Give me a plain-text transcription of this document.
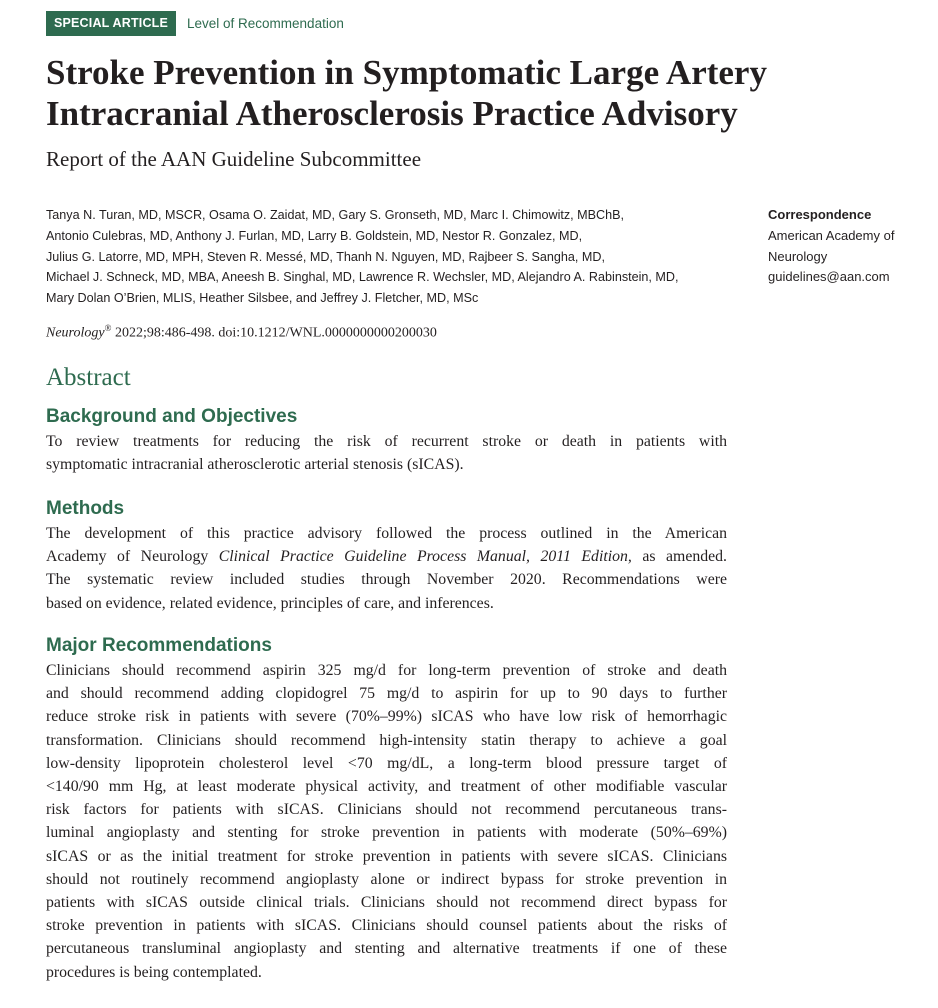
SPECIAL ARTICLE	Level of Recommendation
Stroke Prevention in Symptomatic Large Artery
Intracranial Atherosclerosis Practice Advisory
Report of the AAN Guideline Subcommittee
Tanya N. Turan, MD, MSCR, Osama O. Zaidat, MD, Gary S. Gronseth, MD, Marc I. Chimowitz, MBChB,
Antonio Culebras, MD, Anthony J. Furlan, MD, Larry B. Goldstein, MD, Nestor R. Gonzalez, MD,
Julius G. Latorre, MD, MPH, Steven R. Messé, MD, Thanh N. Nguyen, MD, Rajbeer S. Sangha, MD,
Michael J. Schneck, MD, MBA, Aneesh B. Singhal, MD, Lawrence R. Wechsler, MD, Alejandro A. Rabinstein, MD,
Mary Dolan O’Brien, MLIS, Heather Silsbee, and Jeffrey J. Fletcher, MD, MSc
Correspondence
American Academy of
Neurology
guidelines@aan.com
Neurology® 2022;98:486-498. doi:10.1212/WNL.0000000000200030
Abstract
Background and Objectives
To review treatments for reducing the risk of recurrent stroke or death in patients with
symptomatic intracranial atherosclerotic arterial stenosis (sICAS).
Methods
The development of this practice advisory followed the process outlined in the American
Academy of Neurology Clinical Practice Guideline Process Manual, 2011 Edition, as amended.
The systematic review included studies through November 2020. Recommendations were
based on evidence, related evidence, principles of care, and inferences.
Major Recommendations
Clinicians should recommend aspirin 325 mg/d for long-term prevention of stroke and death
and should recommend adding clopidogrel 75 mg/d to aspirin for up to 90 days to further
reduce stroke risk in patients with severe (70%–99%) sICAS who have low risk of hemorrhagic
transformation. Clinicians should recommend high-intensity statin therapy to achieve a goal
low-density lipoprotein cholesterol level <70 mg/dL, a long-term blood pressure target of
<140/90 mm Hg, at least moderate physical activity, and treatment of other modifiable vascular
risk factors for patients with sICAS. Clinicians should not recommend percutaneous trans-
luminal angioplasty and stenting for stroke prevention in patients with moderate (50%–69%)
sICAS or as the initial treatment for stroke prevention in patients with severe sICAS. Clinicians
should not routinely recommend angioplasty alone or indirect bypass for stroke prevention in
patients with sICAS outside clinical trials. Clinicians should not recommend direct bypass for
stroke prevention in patients with sICAS. Clinicians should counsel patients about the risks of
percutaneous transluminal angioplasty and stenting and alternative treatments if one of these
procedures is being contemplated.
